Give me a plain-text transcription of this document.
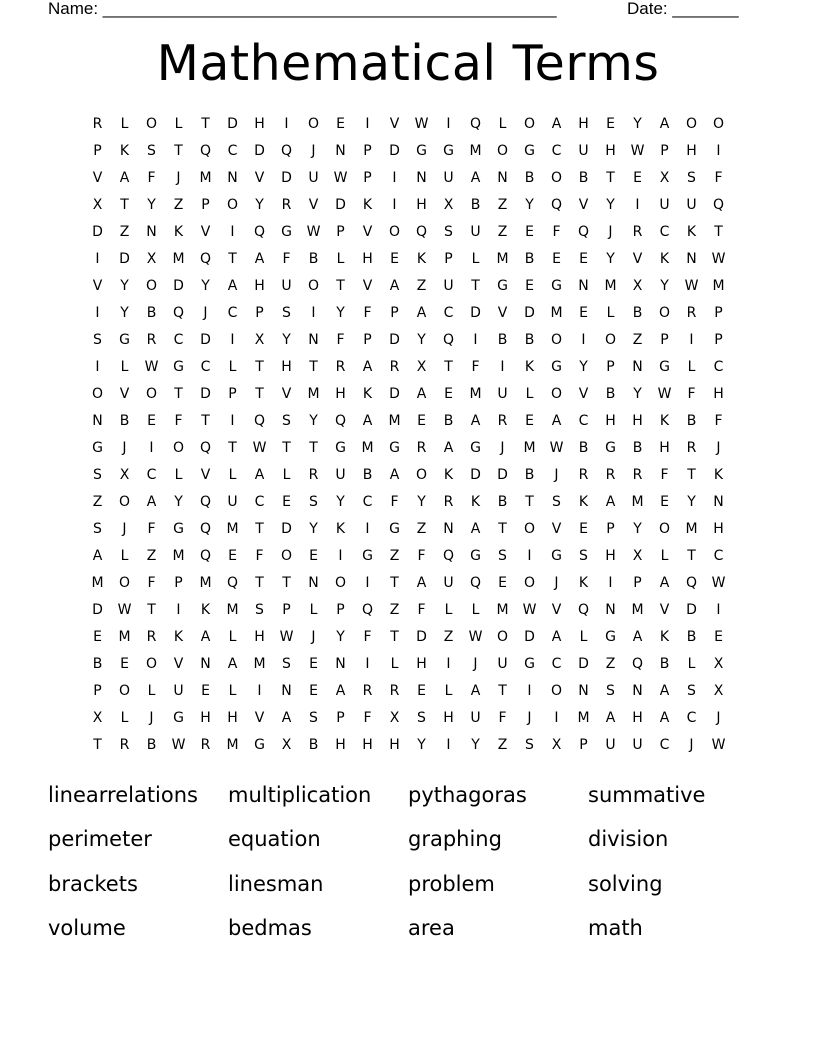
Name: ________________________________________________

	Date: _______

Mathematical Terms
R	L	O	L	T	D	H	I	O	E	I	V	W	I	Q	L	O	A	H	E	Y	A	O	O
P	K	S	T	Q	C	D	Q	J	N	P	D	G	G	M	O	G	C	U	H	W	P	H	I
V	A	F	J	M	N	V	D	U	W	P	I	N	U	A	N	B	O	B	T	E	X	S	F
X	T	Y	Z	P	O	Y	R	V	D	K	I	H	X	B	Z	Y	Q	V	Y	I	U	U	Q
D	Z	N	K	V	I	Q	G	W	P	V	O	Q	S	U	Z	E	F	Q	J	R	C	K	T
I	D	X	M	Q	T	A	F	B	L	H	E	K	P	L	M	B	E	E	Y	V	K	N	W
V	Y	O	D	Y	A	H	U	O	T	V	A	Z	U	T	G	E	G	N	M	X	Y	W	M
I	Y	B	Q	J	C	P	S	I	Y	F	P	A	C	D	V	D	M	E	L	B	O	R	P
S	G	R	C	D	I	X	Y	N	F	P	D	Y	Q	I	B	B	O	I	O	Z	P	I	P
I	L	W	G	C	L	T	H	T	R	A	R	X	T	F	I	K	G	Y	P	N	G	L	C
O	V	O	T	D	P	T	V	M	H	K	D	A	E	M	U	L	O	V	B	Y	W	F	H
N	B	E	F	T	I	Q	S	Y	Q	A	M	E	B	A	R	E	A	C	H	H	K	B	F
G	J	I	O	Q	T	W	T	T	G	M	G	R	A	G	J	M	W	B	G	B	H	R	J
S	X	C	L	V	L	A	L	R	U	B	A	O	K	D	D	B	J	R	R	R	F	T	K
Z	O	A	Y	Q	U	C	E	S	Y	C	F	Y	R	K	B	T	S	K	A	M	E	Y	N
S	J	F	G	Q	M	T	D	Y	K	I	G	Z	N	A	T	O	V	E	P	Y	O	M	H
A	L	Z	M	Q	E	F	O	E	I	G	Z	F	Q	G	S	I	G	S	H	X	L	T	C
M	O	F	P	M	Q	T	T	N	O	I	T	A	U	Q	E	O	J	K	I	P	A	Q	W
D	W	T	I	K	M	S	P	L	P	Q	Z	F	L	L	M	W	V	Q	N	M	V	D	I
E	M	R	K	A	L	H	W	J	Y	F	T	D	Z	W	O	D	A	L	G	A	K	B	E
B	E	O	V	N	A	M	S	E	N	I	L	H	I	J	U	G	C	D	Z	Q	B	L	X
P	O	L	U	E	L	I	N	E	A	R	R	E	L	A	T	I	O	N	S	N	A	S	X
X	L	J	G	H	H	V	A	S	P	F	X	S	H	U	F	J	I	M	A	H	A	C	J
T	R	B	W	R	M	G	X	B	H	H	H	Y	I	Y	Z	S	X	P	U	U	C	J	W
linearrelations	multiplication	pythagoras	summative
perimeter	equation	graphing	division
brackets	linesman	problem	solving
volume	bedmas	area	math
